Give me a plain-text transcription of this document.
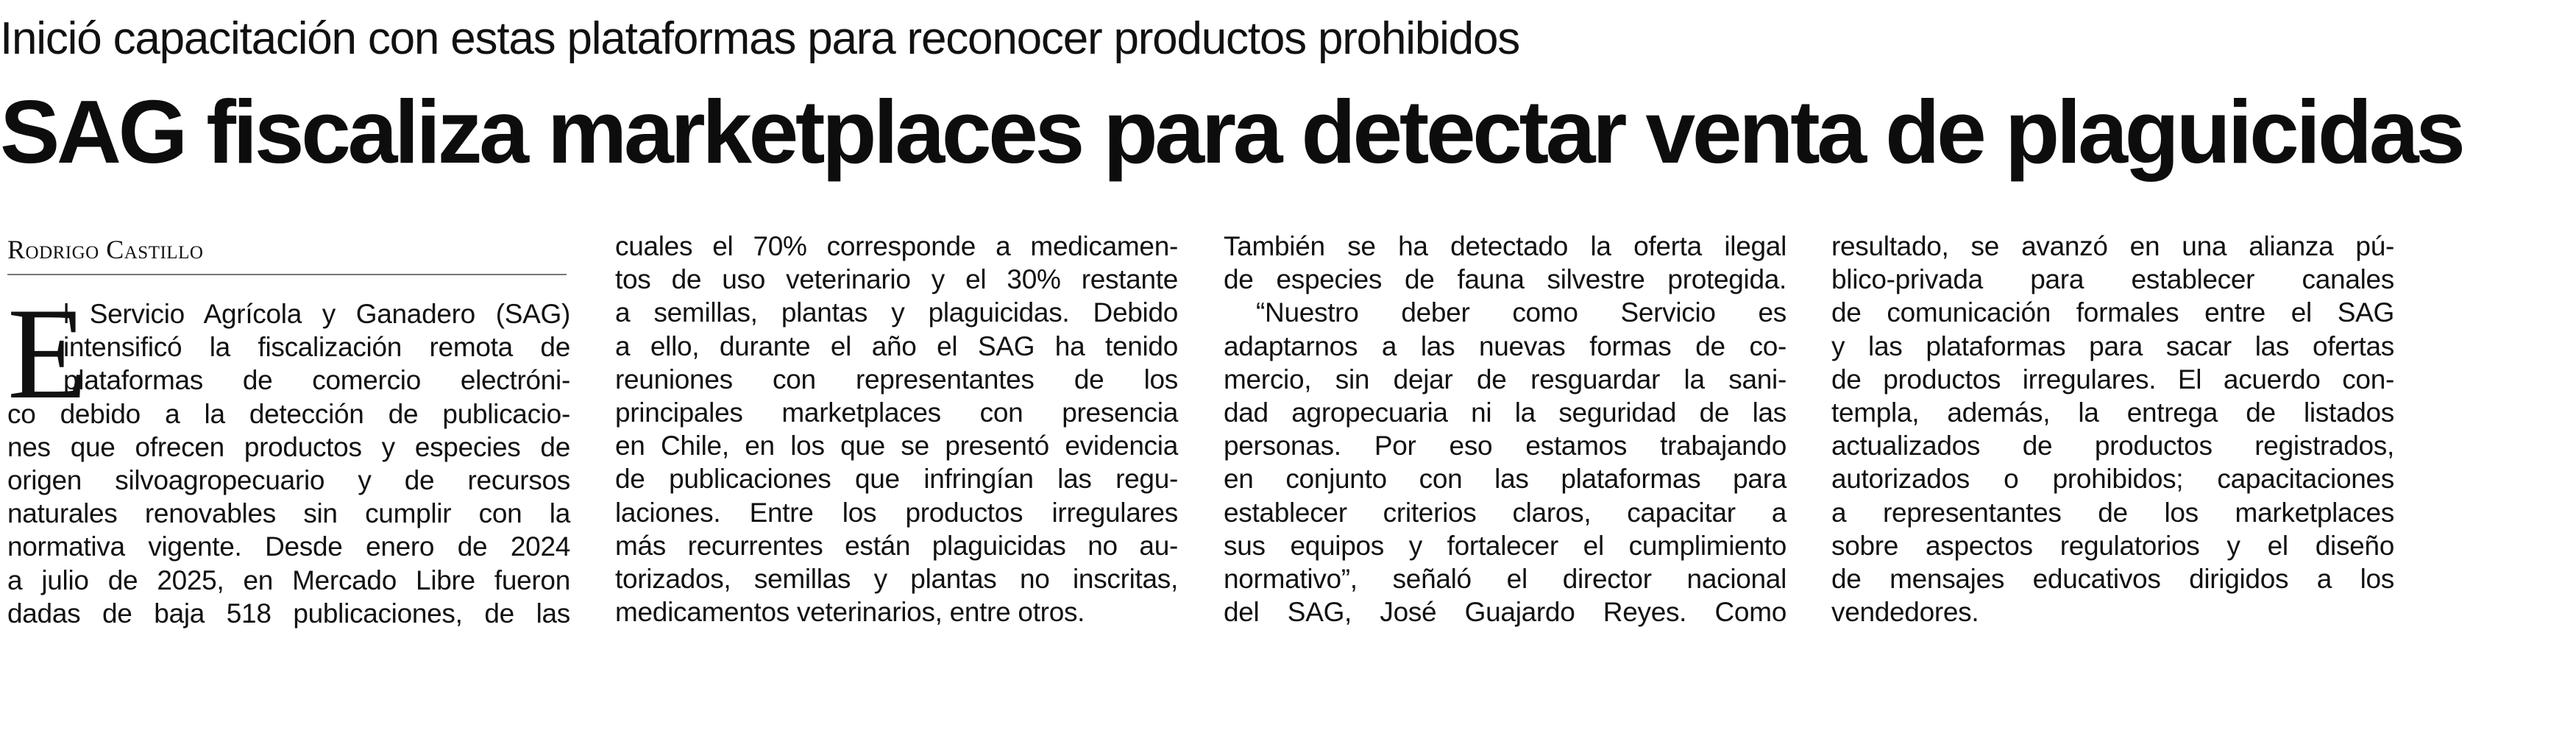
Inició capacitación con estas plataformas para reconocer productos prohibidos
SAG fiscaliza marketplaces para detectar venta de plaguicidas
Rodrigo Castillo
E
l Servicio Agrícola y Ganadero (SAG)
intensificó la fiscalización remota de
plataformas de comercio electróni-
co debido a la detección de publicacio-
nes que ofrecen productos y especies de
origen silvoagropecuario y de recursos
naturales renovables sin cumplir con la
normativa vigente. Desde enero de 2024
a julio de 2025, en Mercado Libre fueron
dadas de baja 518 publicaciones, de las
cuales el 70% corresponde a medicamen-
tos de uso veterinario y el 30% restante
a semillas, plantas y plaguicidas. Debido
a ello, durante el año el SAG ha tenido
reuniones con representantes de los
principales marketplaces con presencia
en Chile, en los que se presentó evidencia
de publicaciones que infringían las regu-
laciones. Entre los productos irregulares
más recurrentes están plaguicidas no au-
torizados, semillas y plantas no inscritas,
medicamentos veterinarios, entre otros.
También se ha detectado la oferta ilegal
de especies de fauna silvestre protegida.
“Nuestro deber como Servicio es
adaptarnos a las nuevas formas de co-
mercio, sin dejar de resguardar la sani-
dad agropecuaria ni la seguridad de las
personas. Por eso estamos trabajando
en conjunto con las plataformas para
establecer criterios claros, capacitar a
sus equipos y fortalecer el cumplimiento
normativo”, señaló el director nacional
del SAG, José Guajardo Reyes. Como
resultado, se avanzó en una alianza pú-
blico-privada para establecer canales
de comunicación formales entre el SAG
y las plataformas para sacar las ofertas
de productos irregulares. El acuerdo con-
templa, además, la entrega de listados
actualizados de productos registrados,
autorizados o prohibidos; capacitaciones
a representantes de los marketplaces
sobre aspectos regulatorios y el diseño
de mensajes educativos dirigidos a los
vendedores.
